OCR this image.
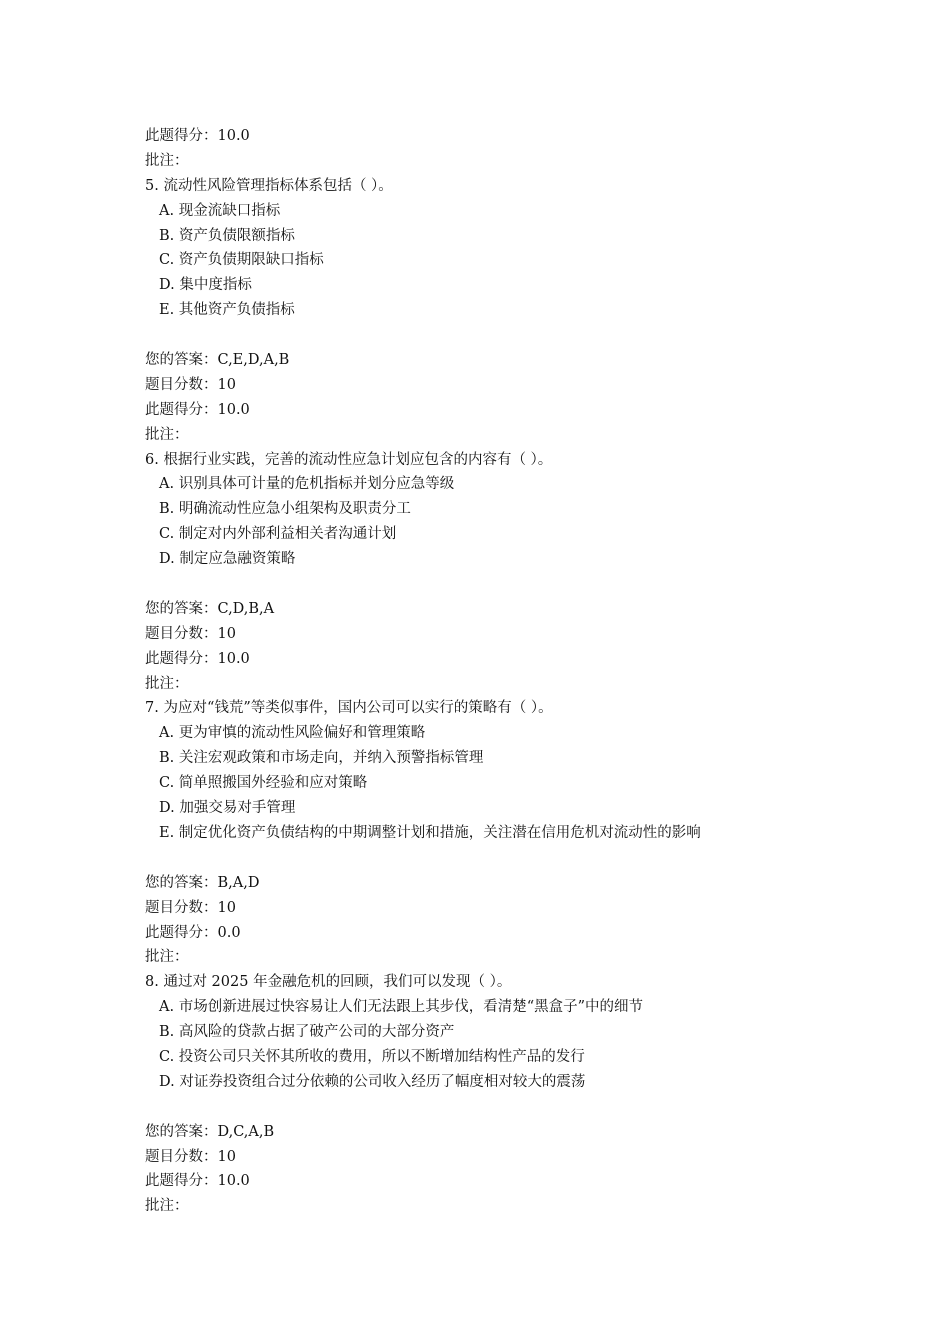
此题得分：10.0
批注：
5. 流动性风险管理指标体系包括（ ）。
A. 现金流缺口指标
B. 资产负债限额指标
C. 资产负债期限缺口指标
D. 集中度指标
E. 其他资产负债指标
您的答案：C,E,D,A,B
题目分数：10
此题得分：10.0
批注：
6. 根据行业实践，完善的流动性应急计划应包含的内容有（ ）。
A. 识别具体可计量的危机指标并划分应急等级
B. 明确流动性应急小组架构及职责分工
C. 制定对内外部利益相关者沟通计划
D. 制定应急融资策略
您的答案：C,D,B,A
题目分数：10
此题得分：10.0
批注：
7. 为应对“钱荒”等类似事件，国内公司可以实行的策略有（ ）。
A. 更为审慎的流动性风险偏好和管理策略
B. 关注宏观政策和市场走向，并纳入预警指标管理
C. 简单照搬国外经验和应对策略
D. 加强交易对手管理
E. 制定优化资产负债结构的中期调整计划和措施，关注潜在信用危机对流动性的影响
您的答案：B,A,D
题目分数：10
此题得分：0.0
批注：
8. 通过对 2025 年金融危机的回顾，我们可以发现（ ）。
A. 市场创新进展过快容易让人们无法跟上其步伐，看清楚“黑盒子”中的细节
B. 高风险的贷款占据了破产公司的大部分资产
C. 投资公司只关怀其所收的费用，所以不断增加结构性产品的发行
D. 对证券投资组合过分依赖的公司收入经历了幅度相对较大的震荡
您的答案：D,C,A,B
题目分数：10
此题得分：10.0
批注：
